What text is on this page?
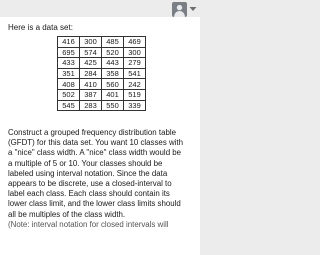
Here is a data set:

416	300	485	469
695	574	520	300
433	425	443	279
351	284	358	541
408	410	560	242
502	387	401	519
545	283	550	339
Construct a grouped frequency distribution table
(GFDT) for this data set. You want 10 classes with
a "nice" class width. A "nice" class width would be
a multiple of 5 or 10. Your classes should be
labeled using interval notation. Since the data
appears to be discrete, use a closed-interval to
label each class. Each class should contain its
lower class limit, and the lower class limits should
all be multiples of the class width.
(Note: interval notation for closed intervals will
